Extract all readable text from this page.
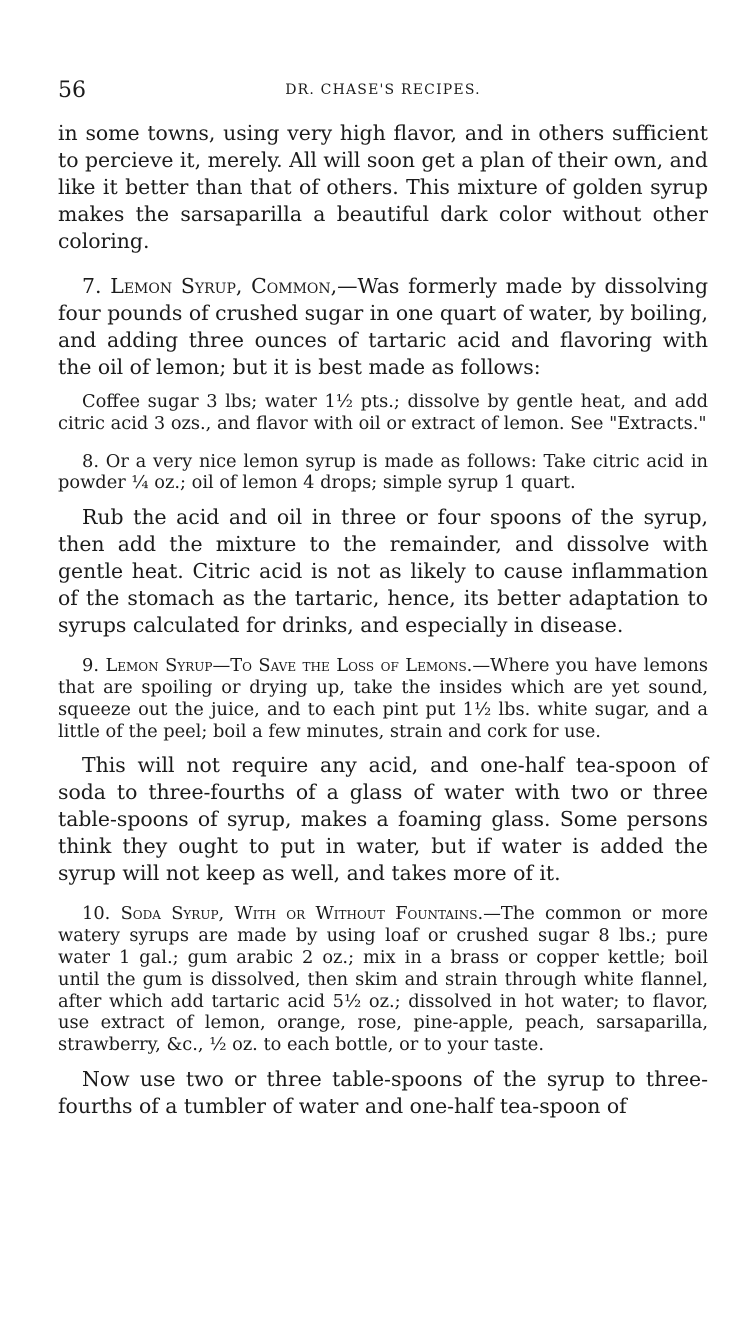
56	DR. CHASE'S RECIPES.

in some towns, using very high flavor, and in others sufficient to percieve it, merely. All will soon get a plan of their own, and like it better than that of others. This mixture of golden syrup makes the sarsaparilla a beautiful dark color without other coloring.

7. Lemon Syrup, Common,—Was formerly made by dissolving four pounds of crushed sugar in one quart of water, by boiling, and adding three ounces of tartaric acid and flavoring with the oil of lemon; but it is best made as follows:

Coffee sugar 3 lbs; water 1½ pts.; dissolve by gentle heat, and add citric acid 3 ozs., and flavor with oil or extract of lemon. See "Extracts."

8. Or a very nice lemon syrup is made as follows: Take citric acid in powder ¼ oz.; oil of lemon 4 drops; simple syrup 1 quart.

Rub the acid and oil in three or four spoons of the syrup, then add the mixture to the remainder, and dissolve with gentle heat. Citric acid is not as likely to cause inflammation of the stomach as the tartaric, hence, its better adaptation to syrups calculated for drinks, and especially in disease.

9. Lemon Syrup—To Save the Loss of Lemons.—Where you have lemons that are spoiling or drying up, take the insides which are yet sound, squeeze out the juice, and to each pint put 1½ lbs. white sugar, and a little of the peel; boil a few minutes, strain and cork for use.

This will not require any acid, and one-half tea-spoon of soda to three-fourths of a glass of water with two or three table-spoons of syrup, makes a foaming glass. Some persons think they ought to put in water, but if water is added the syrup will not keep as well, and takes more of it.

10. Soda Syrup, With or Without Fountains.—The common or more watery syrups are made by using loaf or crushed sugar 8 lbs.; pure water 1 gal.; gum arabic 2 oz.; mix in a brass or copper kettle; boil until the gum is dissolved, then skim and strain through white flannel, after which add tartaric acid 5½ oz.; dissolved in hot water; to flavor, use extract of lemon, orange, rose, pine-apple, peach, sarsaparilla, strawberry, &c., ½ oz. to each bottle, or to your taste.

Now use two or three table-spoons of the syrup to three-fourths of a tumbler of water and one-half tea-spoon of
